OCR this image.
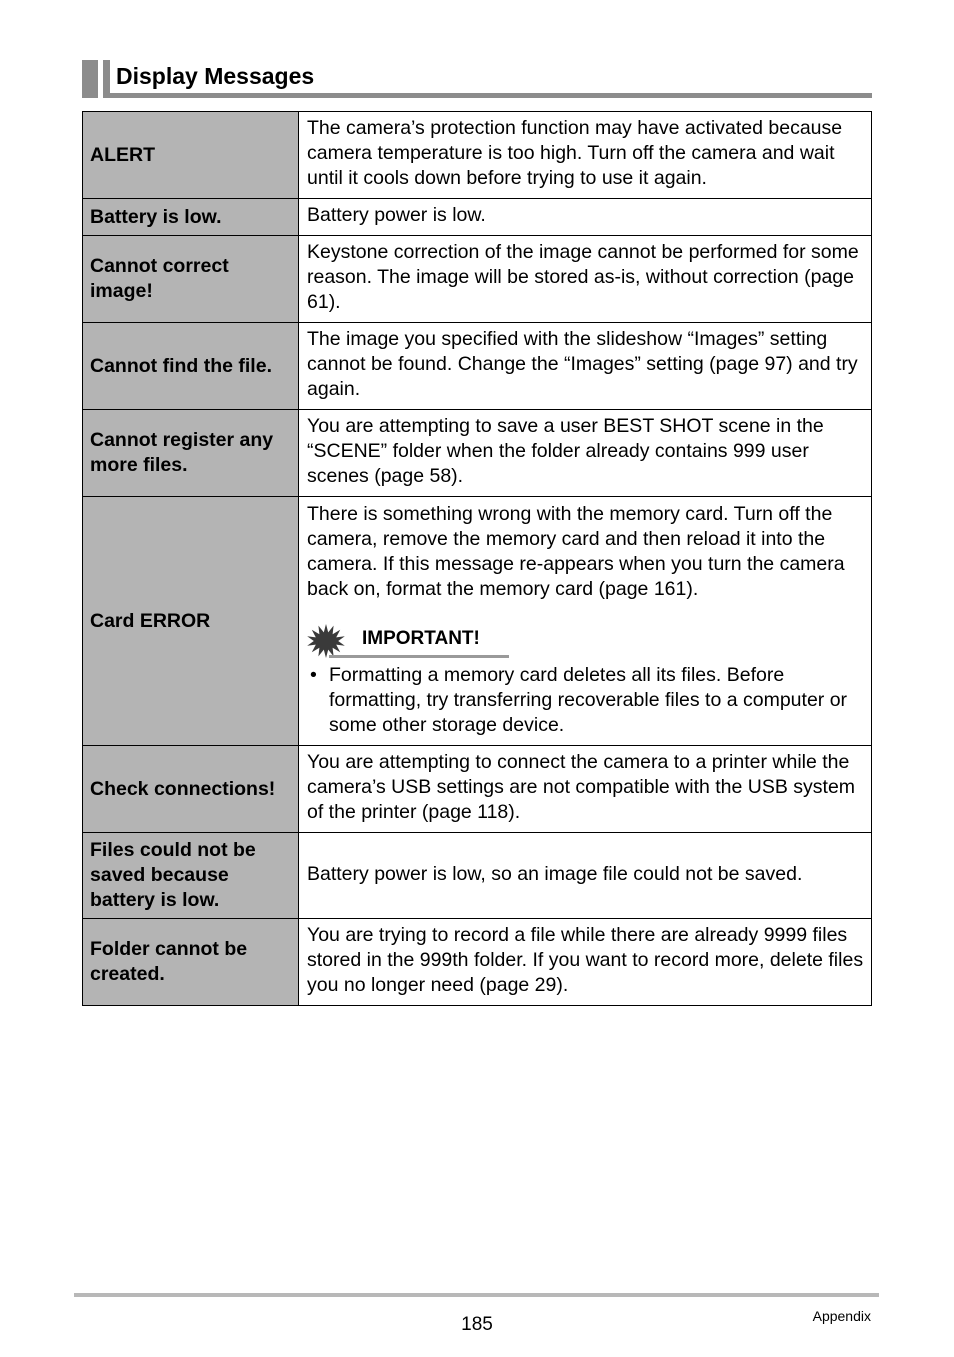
Display Messages
ALERT	The camera’s protection function may have activated because camera temperature is too high. Turn off the camera and wait until it cools down before trying to use it again.
Battery is low.	Battery power is low.
Cannot correct image!	Keystone correction of the image cannot be performed for some reason. The image will be stored as-is, without correction (page 61).
Cannot find the file.	The image you specified with the slideshow “Images” setting cannot be found. Change the “Images” setting (page 97) and try again.
Cannot register any more files.	You are attempting to save a user BEST SHOT scene in the “SCENE” folder when the folder already contains 999 user scenes (page 58).
Card ERROR	There is something wrong with the memory card. Turn off the camera, remove the memory card and then reload it into the camera. If this message re-appears when you turn the camera back on, format the memory card (page 161).
IMPORTANT!
• Formatting a memory card deletes all its files. Before formatting, try transferring recoverable files to a computer or some other storage device.

Check connections!	You are attempting to connect the camera to a printer while the camera’s USB settings are not compatible with the USB system of the printer (page 118).
Files could not be saved because battery is low.	Battery power is low, so an image file could not be saved.
Folder cannot be created.	You are trying to record a file while there are already 9999 files stored in the 999th folder. If you want to record more, delete files you no longer need (page 29).
185	Appendix
